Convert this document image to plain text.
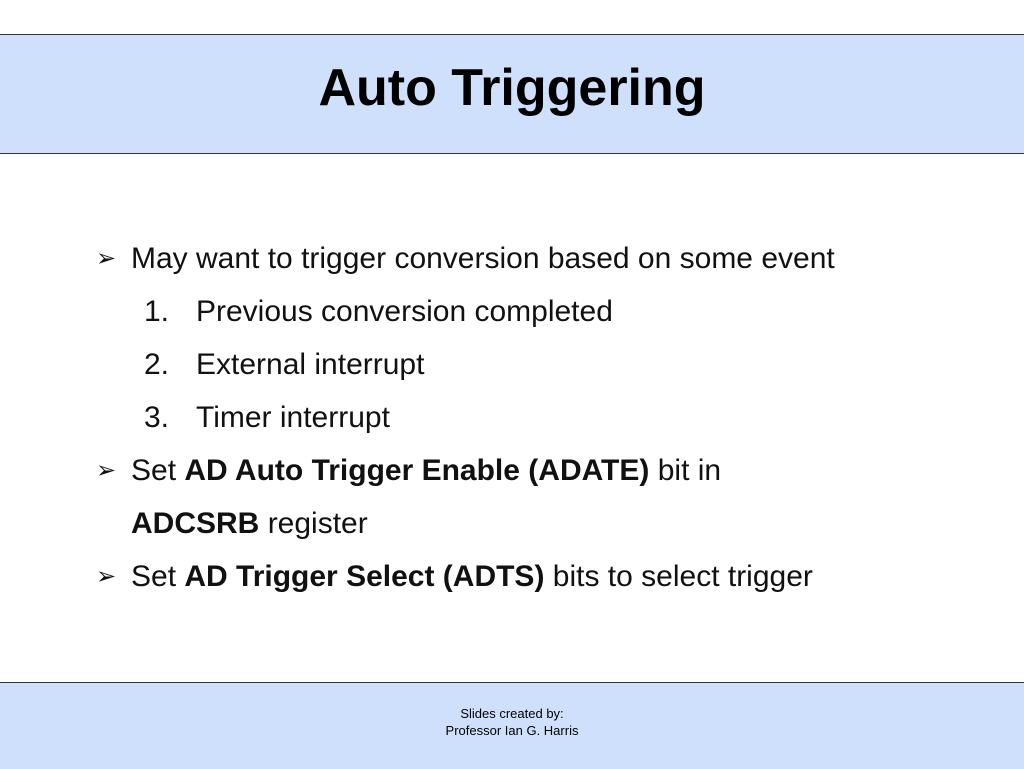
Auto Triggering
➢ May want to trigger conversion based on some event
1. Previous conversion completed
2. External interrupt
3. Timer interrupt
➢ Set AD Auto Trigger Enable (ADATE) bit in
ADCSRB register
➢ Set AD Trigger Select (ADTS) bits to select trigger
Slides created by:
Professor Ian G. Harris
